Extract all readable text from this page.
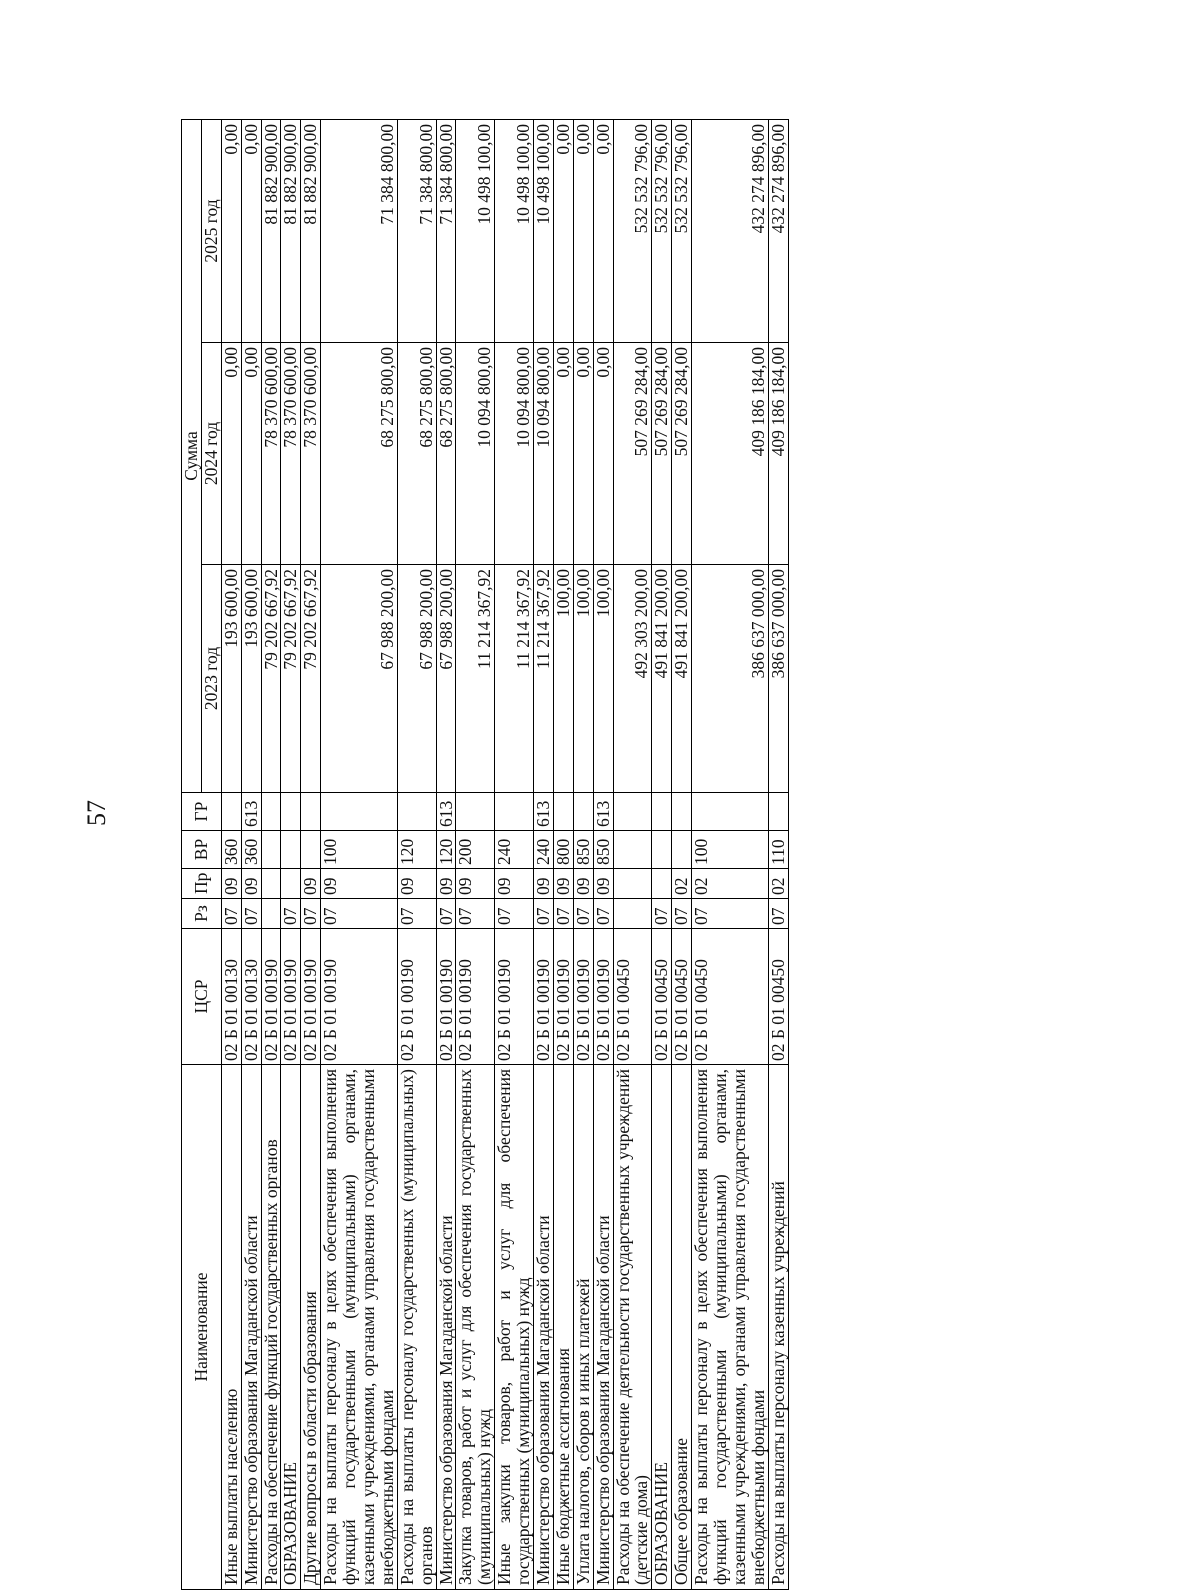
57
Наименование	ЦСР	Рз	Пр	ВР	ГР	Сумма		
						2023 год	2024 год	2025 год
Иные выплаты населению	02 Б 01 00130	07	09	360		193 600,00	0,00	0,00
Министерство образования Магаданской области	02 Б 01 00130	07	09	360	613	193 600,00	0,00	0,00
Расходы на обеспечение функций государственных органов	02 Б 01 00190					79 202 667,92	78 370 600,00	81 882 900,00
ОБРАЗОВАНИЕ	02 Б 01 00190	07				79 202 667,92	78 370 600,00	81 882 900,00
Другие вопросы в области образования	02 Б 01 00190	07	09			79 202 667,92	78 370 600,00	81 882 900,00
Расходы на выплаты персоналу в целях обеспечения выполнения функций государственными (муниципальными) органами, казенными учреждениями, органами управления государственными внебюджетными фондами	02 Б 01 00190	07	09	100		67 988 200,00	68 275 800,00	71 384 800,00
Расходы на выплаты персоналу государственных (муниципальных) органов	02 Б 01 00190	07	09	120		67 988 200,00	68 275 800,00	71 384 800,00
Министерство образования Магаданской области	02 Б 01 00190	07	09	120	613	67 988 200,00	68 275 800,00	71 384 800,00
Закупка товаров, работ и услуг для обеспечения государственных (муниципальных) нужд	02 Б 01 00190	07	09	200		11 214 367,92	10 094 800,00	10 498 100,00
Иные закупки товаров, работ и услуг для обеспечения государственных (муниципальных) нужд	02 Б 01 00190	07	09	240		11 214 367,92	10 094 800,00	10 498 100,00
Министерство образования Магаданской области	02 Б 01 00190	07	09	240	613	11 214 367,92	10 094 800,00	10 498 100,00
Иные бюджетные ассигнования	02 Б 01 00190	07	09	800		100,00	0,00	0,00
Уплата налогов, сборов и иных платежей	02 Б 01 00190	07	09	850		100,00	0,00	0,00
Министерство образования Магаданской области	02 Б 01 00190	07	09	850	613	100,00	0,00	0,00
Расходы на обеспечение деятельности государственных учреждений (детские дома)	02 Б 01 00450					492 303 200,00	507 269 284,00	532 532 796,00
ОБРАЗОВАНИЕ	02 Б 01 00450	07				491 841 200,00	507 269 284,00	532 532 796,00
Общее образование	02 Б 01 00450	07	02			491 841 200,00	507 269 284,00	532 532 796,00
Расходы на выплаты персоналу в целях обеспечения выполнения функций государственными (муниципальными) органами, казенными учреждениями, органами управления государственными внебюджетными фондами	02 Б 01 00450	07	02	100		386 637 000,00	409 186 184,00	432 274 896,00
Расходы на выплаты персоналу казенных учреждений	02 Б 01 00450	07	02	110		386 637 000,00	409 186 184,00	432 274 896,00
